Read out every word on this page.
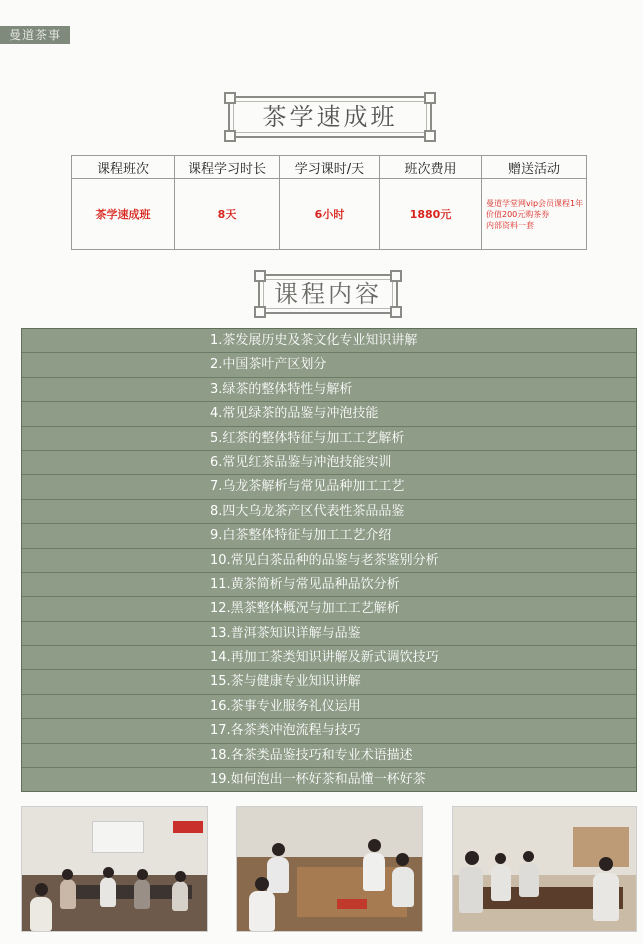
曼道茶事
茶学速成班
课程班次	课程学习时长	学习课时/天	班次费用	赠送活动
茶学速成班	8天	6小时	1880元	曼道学堂网vip会员课程1年
价值200元购茶券
内部资料一套
课程内容
1.茶发展历史及茶文化专业知识讲解
2.中国茶叶产区划分
3.绿茶的整体特性与解析
4.常见绿茶的品鉴与冲泡技能
5.红茶的整体特征与加工工艺解析
6.常见红茶品鉴与冲泡技能实训
7.乌龙茶解析与常见品种加工工艺
8.四大乌龙茶产区代表性茶品品鉴
9.白茶整体特征与加工工艺介绍
10.常见白茶品种的品鉴与老茶鉴别分析
11.黄茶简析与常见品种品饮分析
12.黑茶整体概况与加工工艺解析
13.普洱茶知识详解与品鉴
14.再加工茶类知识讲解及新式调饮技巧
15.茶与健康专业知识讲解
16.茶事专业服务礼仪运用
17.各茶类冲泡流程与技巧
18.各茶类品鉴技巧和专业术语描述
19.如何泡出一杯好茶和品懂一杯好茶
